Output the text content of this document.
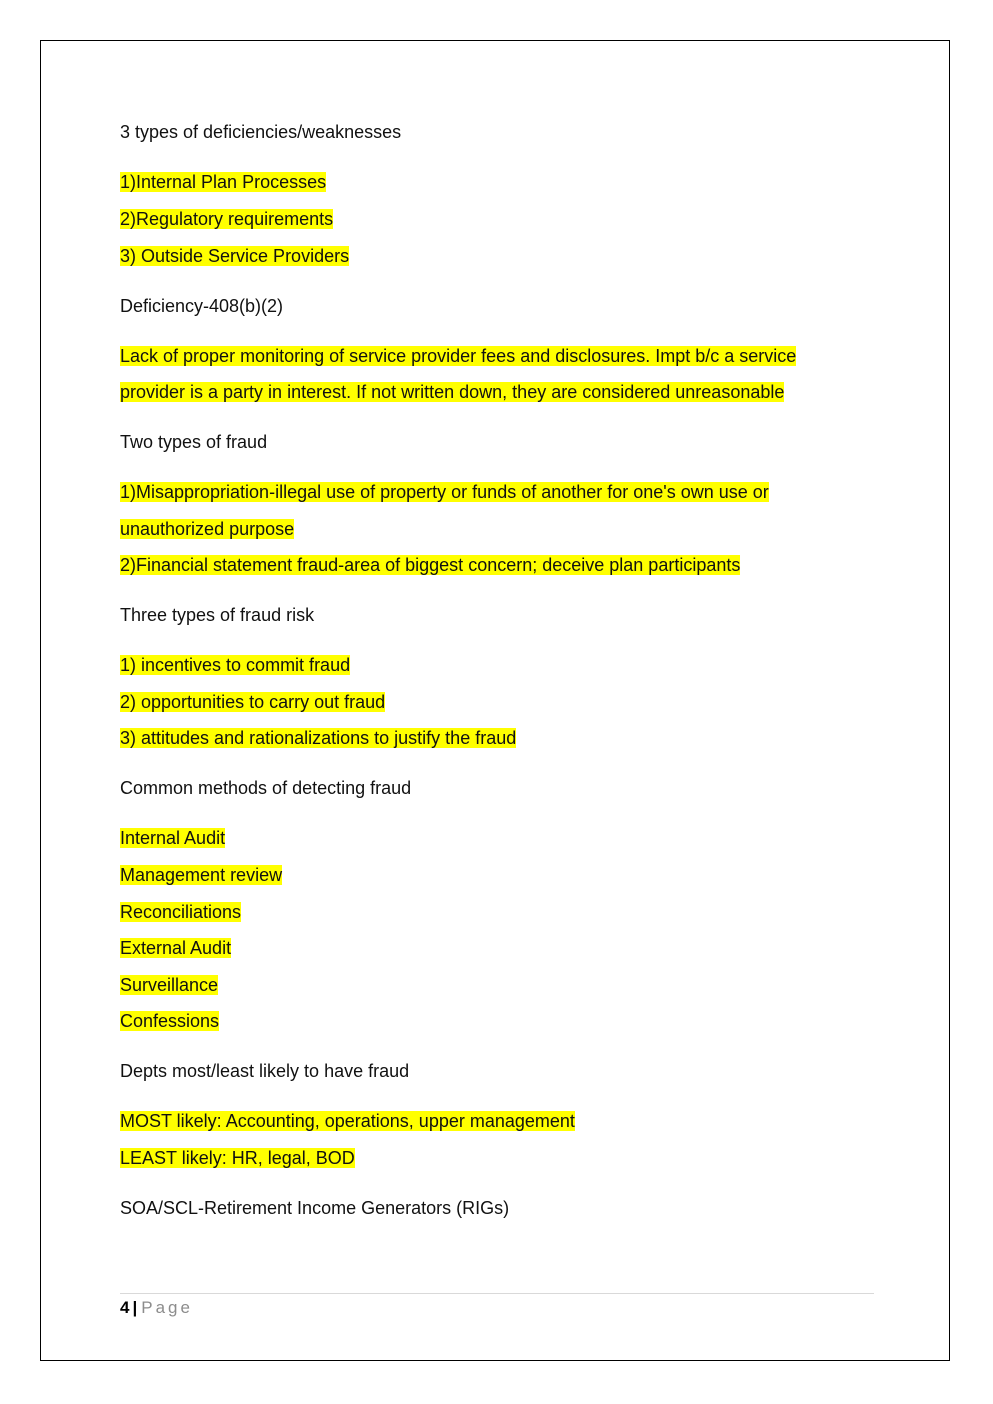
3 types of deficiencies/weaknesses
1)Internal Plan Processes
2)Regulatory requirements
3) Outside Service Providers
Deficiency-408(b)(2)
Lack of proper monitoring of service provider fees and disclosures. Impt b/c a service
provider is a party in interest. If not written down, they are considered unreasonable
Two types of fraud
1)Misappropriation-illegal use of property or funds of another for one's own use or
unauthorized purpose
2)Financial statement fraud-area of biggest concern; deceive plan participants
Three types of fraud risk
1) incentives to commit fraud
2) opportunities to carry out fraud
3) attitudes and rationalizations to justify the fraud
Common methods of detecting fraud
Internal Audit
Management review
Reconciliations
External Audit
Surveillance
Confessions
Depts most/least likely to have fraud
MOST likely: Accounting, operations, upper management
LEAST likely: HR, legal, BOD
SOA/SCL-Retirement Income Generators (RIGs)
4 | Page
